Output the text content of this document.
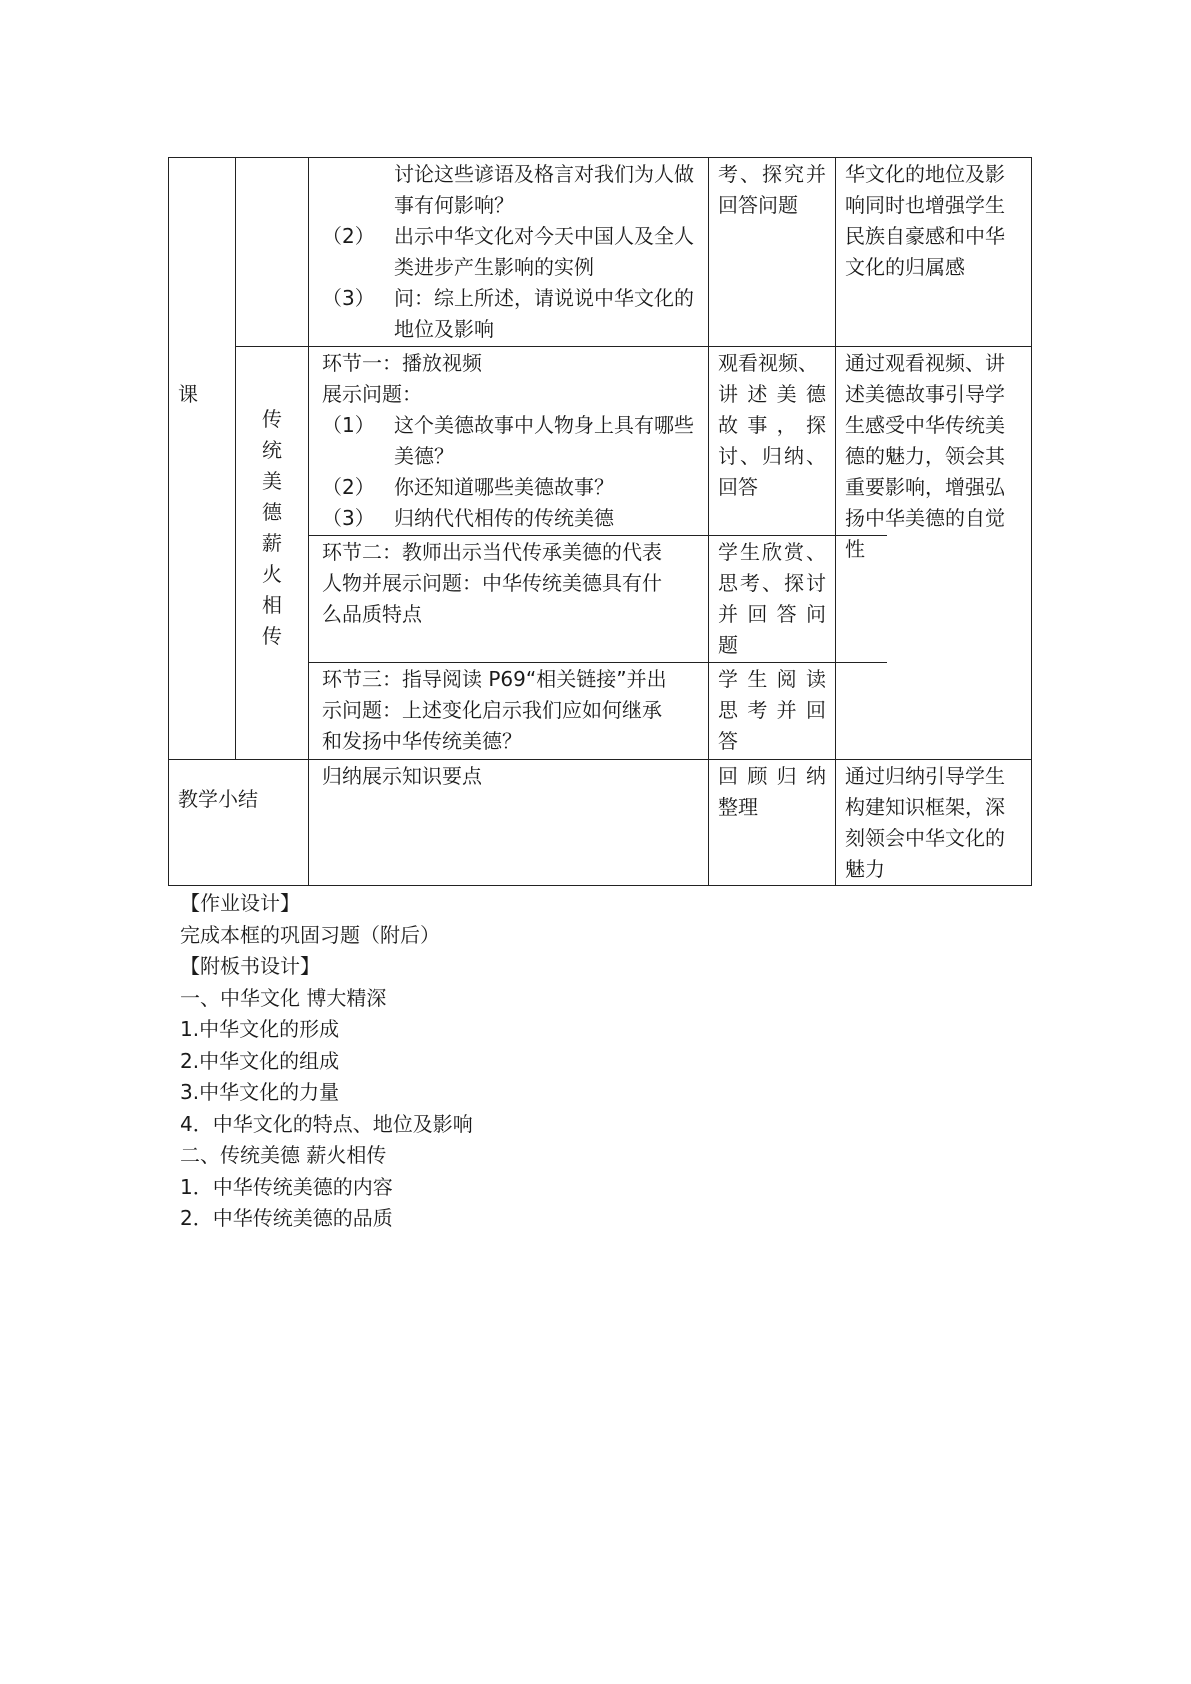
课
讨论这些谚语及格言对我们为人做事有何影响？
（2） 出示中华文化对今天中国人及全人类进步产生影响的实例
（3） 问：综上所述，请说说中华文化的地位及影响
考、探究并
回答问题
华文化的地位及影
响同时也增强学生
民族自豪感和中华
文化的归属感
传
统
美
德
薪
火
相
传
环节一：播放视频
展示问题：
（1） 这个美德故事中人物身上具有哪些美德？
（2） 你还知道哪些美德故事？
（3） 归纳代代相传的传统美德
观看视频、
讲述美德
故事，探
讨、归纳、
回答
环节二：教师出示当代传承美德的代表
人物并展示问题：中华传统美德具有什
么品质特点
学生欣赏、
思考、探讨
并回答问
题
环节三：指导阅读 P69“相关链接”并出
示问题：上述变化启示我们应如何继承
和发扬中华传统美德？
学生阅读
思考并回
答
通过观看视频、讲
述美德故事引导学
生感受中华传统美
德的魅力，领会其
重要影响，增强弘
扬中华美德的自觉
性
教学小结
归纳展示知识要点	回顾归纳
整理
通过归纳引导学生
构建知识框架，深
刻领会中华文化的
魅力
【作业设计】
完成本框的巩固习题（附后）
【附板书设计】
一、中华文化 博大精深
1.中华文化的形成
2.中华文化的组成
3.中华文化的力量
4．中华文化的特点、地位及影响
二、传统美德 薪火相传
1．中华传统美德的内容
2．中华传统美德的品质
